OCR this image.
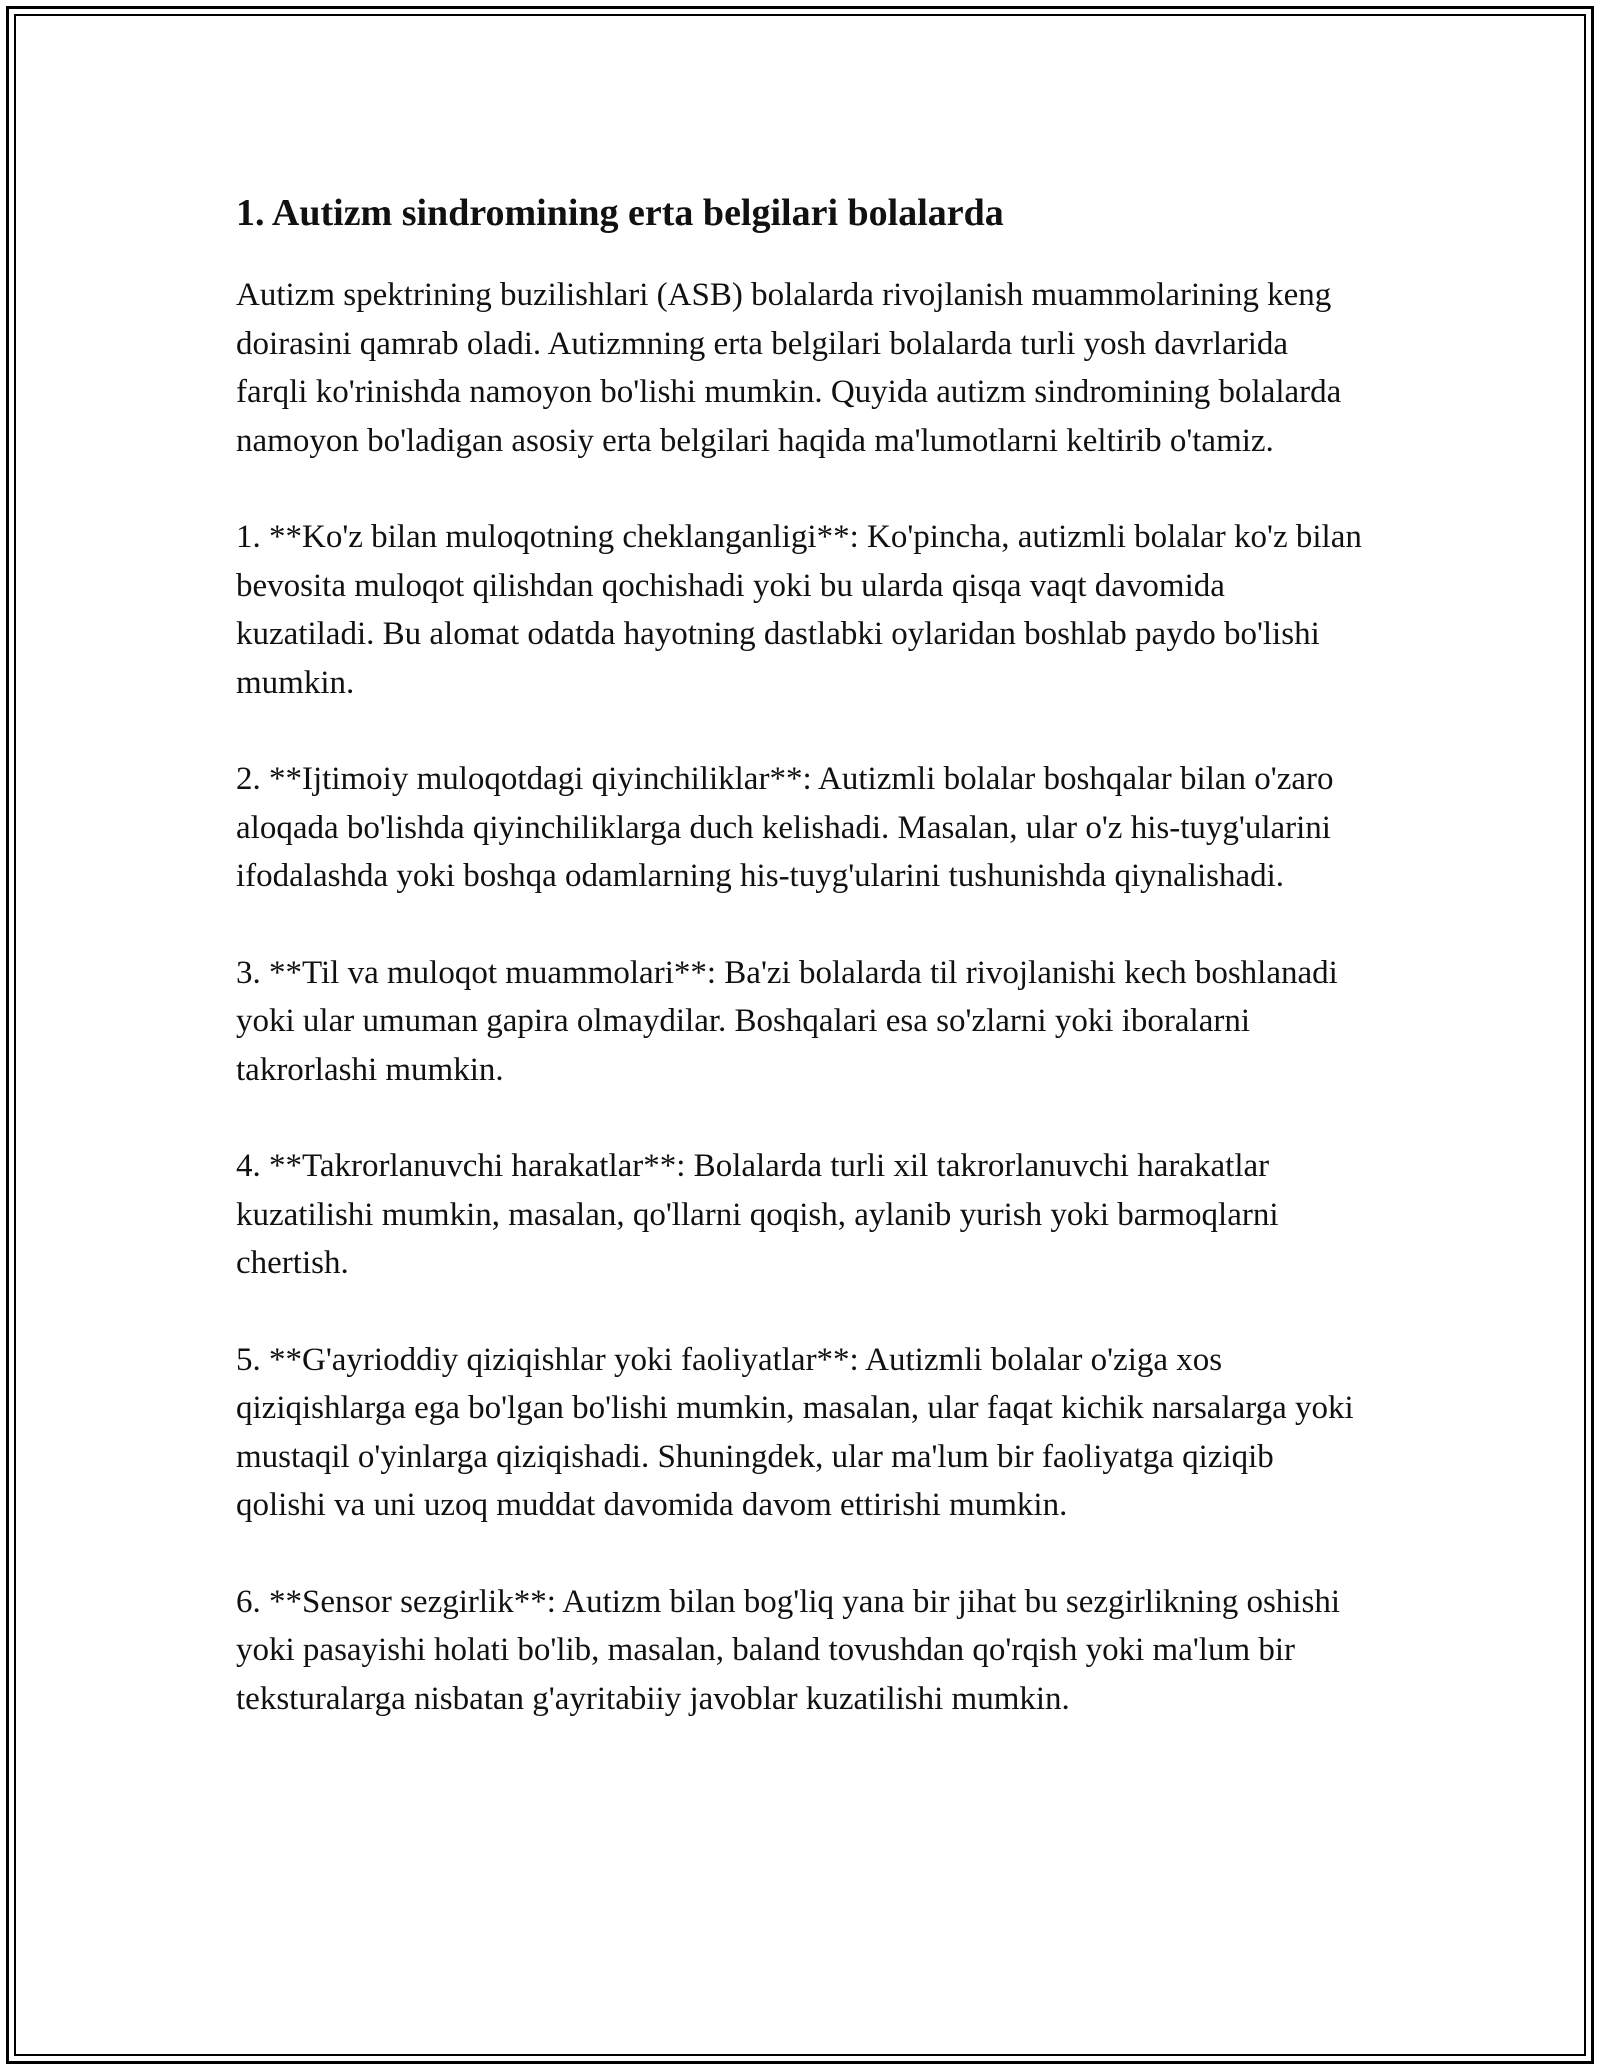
1. Autizm sindromining erta belgilari bolalarda

Autizm spektrining buzilishlari (ASB) bolalarda rivojlanish muammolarining keng doirasini qamrab oladi. Autizmning erta belgilari bolalarda turli yosh davrlarida farqli ko'rinishda namoyon bo'lishi mumkin. Quyida autizm sindromining bolalarda namoyon bo'ladigan asosiy erta belgilari haqida ma'lumotlarni keltirib o'tamiz.

1. **Ko'z bilan muloqotning cheklanganligi**: Ko'pincha, autizmli bolalar ko'z bilan bevosita muloqot qilishdan qochishadi yoki bu ularda qisqa vaqt davomida kuzatiladi. Bu alomat odatda hayotning dastlabki oylaridan boshlab paydo bo'lishi mumkin.

2. **Ijtimoiy muloqotdagi qiyinchiliklar**: Autizmli bolalar boshqalar bilan o'zaro aloqada bo'lishda qiyinchiliklarga duch kelishadi. Masalan, ular o'z his-tuyg'ularini ifodalashda yoki boshqa odamlarning his-tuyg'ularini tushunishda qiynalishadi.

3. **Til va muloqot muammolari**: Ba'zi bolalarda til rivojlanishi kech boshlanadi yoki ular umuman gapira olmaydilar. Boshqalari esa so'zlarni yoki iboralarni takrorlashi mumkin.

4. **Takrorlanuvchi harakatlar**: Bolalarda turli xil takrorlanuvchi harakatlar kuzatilishi mumkin, masalan, qo'llarni qoqish, aylanib yurish yoki barmoqlarni chertish.

5. **G'ayrioddiy qiziqishlar yoki faoliyatlar**: Autizmli bolalar o'ziga xos qiziqishlarga ega bo'lgan bo'lishi mumkin, masalan, ular faqat kichik narsalarga yoki mustaqil o'yinlarga qiziqishadi. Shuningdek, ular ma'lum bir faoliyatga qiziqib qolishi va uni uzoq muddat davomida davom ettirishi mumkin.

6. **Sensor sezgirlik**: Autizm bilan bog'liq yana bir jihat bu sezgirlikning oshishi yoki pasayishi holati bo'lib, masalan, baland tovushdan qo'rqish yoki ma'lum bir teksturalarga nisbatan g'ayritabiiy javoblar kuzatilishi mumkin.
